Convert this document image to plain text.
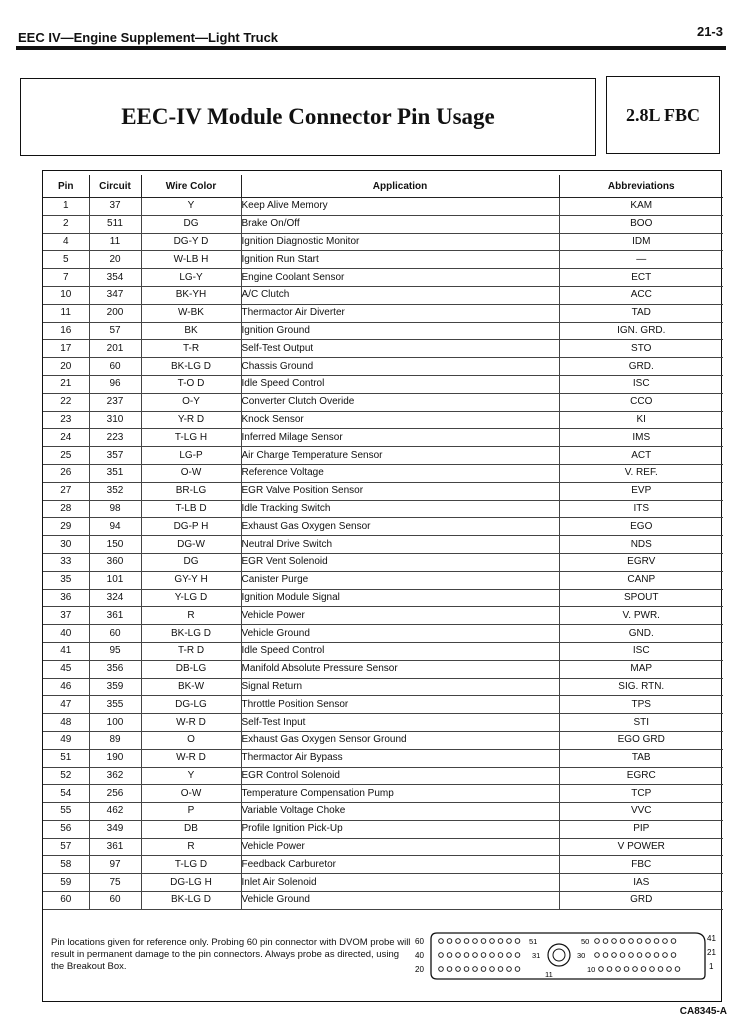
EEC IV—Engine Supplement—Light Truck	21-3
EEC-IV Module Connector Pin Usage	2.8L FBC
Pin	Circuit	Wire Color	Application	Abbreviations
1	37	Y	Keep Alive Memory	KAM
2	511	DG	Brake On/Off	BOO
4	11	DG-Y D	Ignition Diagnostic Monitor	IDM
5	20	W-LB H	Ignition Run Start	—
7	354	LG-Y	Engine Coolant Sensor	ECT
10	347	BK-YH	A/C Clutch	ACC
11	200	W-BK	Thermactor Air Diverter	TAD
16	57	BK	Ignition Ground	IGN. GRD.
17	201	T-R	Self-Test Output	STO
20	60	BK-LG D	Chassis Ground	GRD.
21	96	T-O D	Idle Speed Control	ISC
22	237	O-Y	Converter Clutch Overide	CCO
23	310	Y-R D	Knock Sensor	KI
24	223	T-LG H	Inferred Milage Sensor	IMS
25	357	LG-P	Air Charge Temperature Sensor	ACT
26	351	O-W	Reference Voltage	V. REF.
27	352	BR-LG	EGR Valve Position Sensor	EVP
28	98	T-LB D	Idle Tracking Switch	ITS
29	94	DG-P H	Exhaust Gas Oxygen Sensor	EGO
30	150	DG-W	Neutral Drive Switch	NDS
33	360	DG	EGR Vent Solenoid	EGRV
35	101	GY-Y H	Canister Purge	CANP
36	324	Y-LG D	Ignition Module Signal	SPOUT
37	361	R	Vehicle Power	V. PWR.
40	60	BK-LG D	Vehicle Ground	GND.
41	95	T-R D	Idle Speed Control	ISC
45	356	DB-LG	Manifold Absolute Pressure Sensor	MAP
46	359	BK-W	Signal Return	SIG. RTN.
47	355	DG-LG	Throttle Position Sensor	TPS
48	100	W-R D	Self-Test Input	STI
49	89	O	Exhaust Gas Oxygen Sensor Ground	EGO GRD
51	190	W-R D	Thermactor Air Bypass	TAB
52	362	Y	EGR Control Solenoid	EGRC
54	256	O-W	Temperature Compensation Pump	TCP
55	462	P	Variable Voltage Choke	VVC
56	349	DB	Profile Ignition Pick-Up	PIP
57	361	R	Vehicle Power	V POWER
58	97	T-LG D	Feedback Carburetor	FBC
59	75	DG-LG H	Inlet Air Solenoid	IAS
60	60	BK-LG D	Vehicle Ground	GRD
Pin locations given for reference only. Probing 60 pin connector with DVOM probe will result in permanent damage to the pin connectors. Always probe as directed, using the Breakout Box.
60
40
20
41
21
1
51	50
31	30
10
11
CA8345-A
